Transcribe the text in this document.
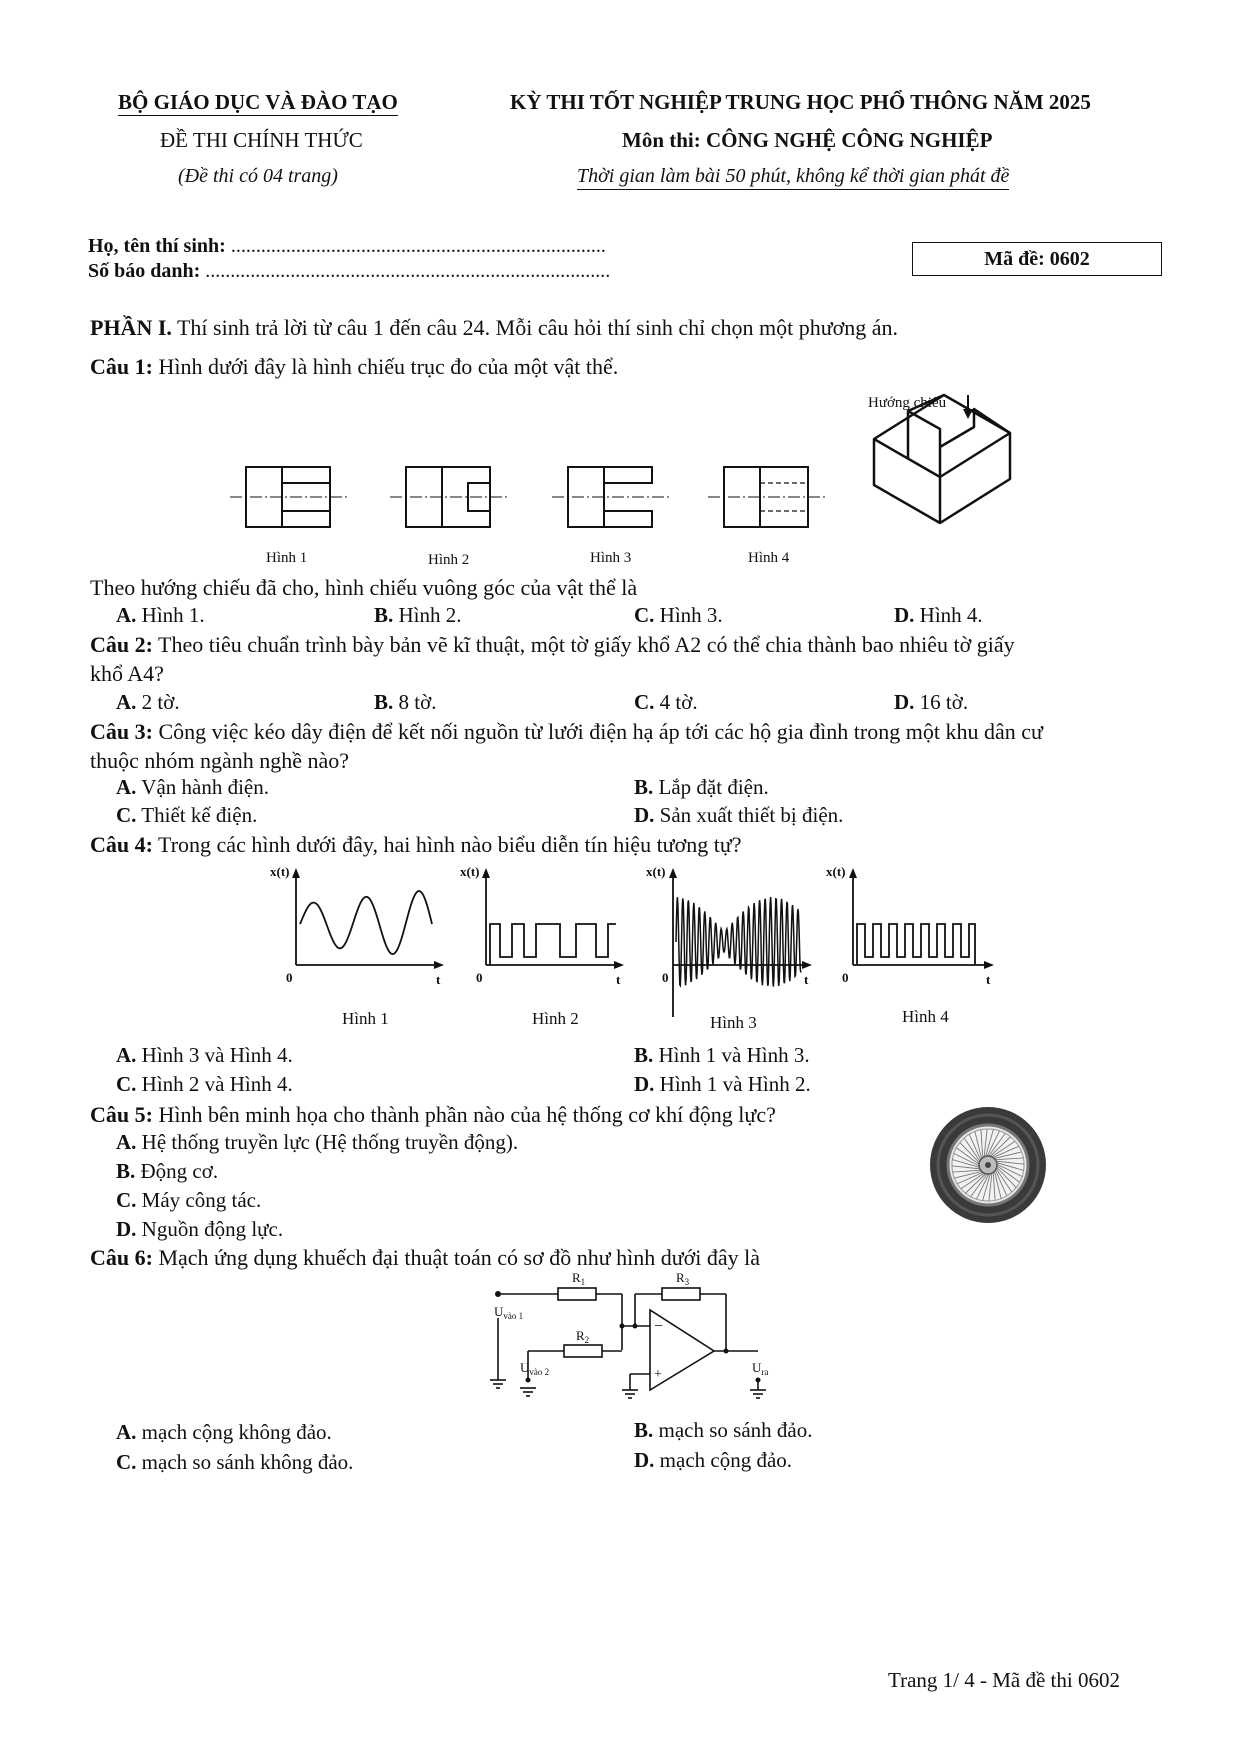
BỘ GIÁO DỤC VÀ ĐÀO TẠO
ĐỀ THI CHÍNH THỨC
(Đề thi có 04 trang)
KỲ THI TỐT NGHIỆP TRUNG HỌC PHỔ THÔNG NĂM 2025
Môn thi: CÔNG NGHỆ CÔNG NGHIỆP
Thời gian làm bài 50 phút, không kể thời gian phát đề
Họ, tên thí sinh: ...........................................................................
Số báo danh: .................................................................................
Mã đề: 0602
PHẦN I. Thí sinh trả lời từ câu 1 đến câu 24. Mỗi câu hỏi thí sinh chỉ chọn một phương án.
Câu 1: Hình dưới đây là hình chiếu trục đo của một vật thể.
Hướng chiếu
Hình 1	Hình 2	Hình 3	Hình 4
Theo hướng chiếu đã cho, hình chiếu vuông góc của vật thể là
A. Hình 1.	B. Hình 2.	C. Hình 3.	D. Hình 4.
Câu 2: Theo tiêu chuẩn trình bày bản vẽ kĩ thuật, một tờ giấy khổ A2 có thể chia thành bao nhiêu tờ giấy
khổ A4?
A. 2 tờ.	B. 8 tờ.	C. 4 tờ.	D. 16 tờ.
Câu 3: Công việc kéo dây điện để kết nối nguồn từ lưới điện hạ áp tới các hộ gia đình trong một khu dân cư
thuộc nhóm ngành nghề nào?
A. Vận hành điện.	B. Lắp đặt điện.
C. Thiết kế điện.	D. Sản xuất thiết bị điện.
Câu 4: Trong các hình dưới đây, hai hình nào biểu diễn tín hiệu tương tự?
x(t)	x(t)	x(t)	x(t)
0	0	0	0
t	t	t	t
Hình 1	Hình 2	Hình 3	Hình 4
A. Hình 3 và Hình 4.	B. Hình 1 và Hình 3.
C. Hình 2 và Hình 4.	D. Hình 1 và Hình 2.
Câu 5: Hình bên minh họa cho thành phần nào của hệ thống cơ khí động lực?
A. Hệ thống truyền lực (Hệ thống truyền động).
B. Động cơ.
C. Máy công tác.
D. Nguồn động lực.
Câu 6: Mạch ứng dụng khuếch đại thuật toán có sơ đồ như hình dưới đây là
$R_1$
$R_2$
$R_3$
$U_{vào 1}$
$U_{vào 2}$	$U_{ra}$
−
+
A. mạch cộng không đảo.	B. mạch so sánh đảo.
C. mạch so sánh không đảo.	D. mạch cộng đảo.
Trang 1/ 4 - Mã đề thi 0602
